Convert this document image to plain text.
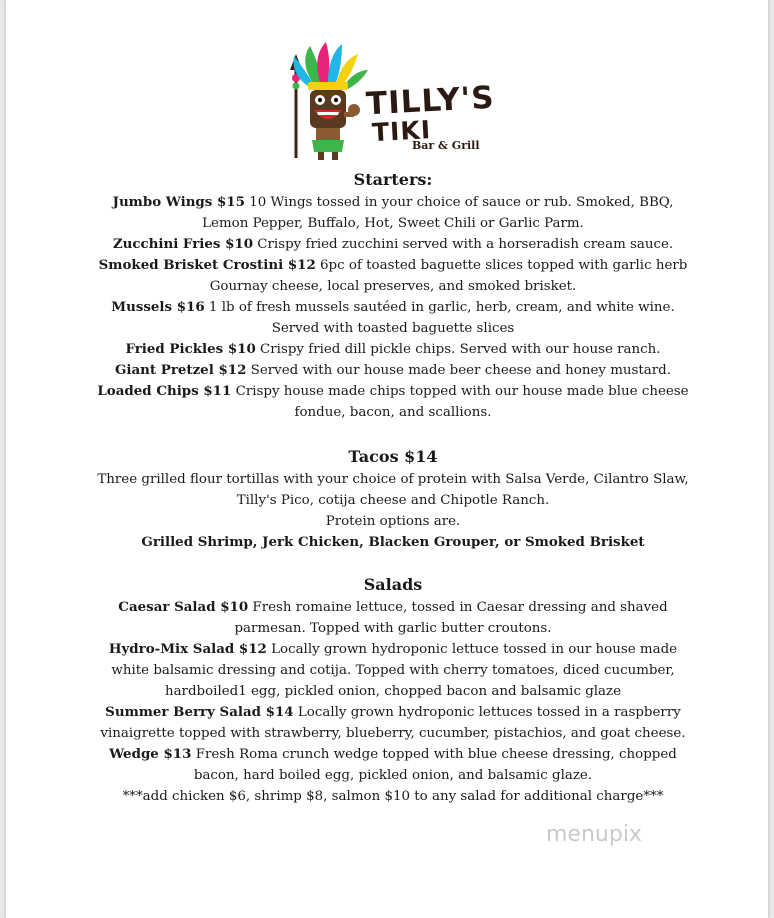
TILLY'S
TIKI
Bar & Grill
Starters:

Jumbo Wings $15 10 Wings tossed in your choice of sauce or rub. Smoked, BBQ, Lemon Pepper, Buffalo, Hot, Sweet Chili or Garlic Parm.

Zucchini Fries $10 Crispy fried zucchini served with a horseradish cream sauce.

Smoked Brisket Crostini $12 6pc of toasted baguette slices topped with garlic herb Gournay cheese, local preserves, and smoked brisket.

Mussels $16 1 lb of fresh mussels sautéed in garlic, herb, cream, and white wine. Served with toasted baguette slices

Fried Pickles $10 Crispy fried dill pickle chips. Served with our house ranch.

Giant Pretzel $12 Served with our house made beer cheese and honey mustard.

Loaded Chips $11 Crispy house made chips topped with our house made blue cheese fondue, bacon, and scallions.

Tacos $14

Three grilled flour tortillas with your choice of protein with Salsa Verde, Cilantro Slaw, Tilly's Pico, cotija cheese and Chipotle Ranch.

Protein options are.

Grilled Shrimp, Jerk Chicken, Blacken Grouper, or Smoked Brisket

Salads

Caesar Salad $10 Fresh romaine lettuce, tossed in Caesar dressing and shaved parmesan. Topped with garlic butter croutons.

Hydro-Mix Salad $12 Locally grown hydroponic lettuce tossed in our house made white balsamic dressing and cotija. Topped with cherry tomatoes, diced cucumber, hardboiled1 egg, pickled onion, chopped bacon and balsamic glaze

Summer Berry Salad $14 Locally grown hydroponic lettuces tossed in a raspberry vinaigrette topped with strawberry, blueberry, cucumber, pistachios, and goat cheese.

Wedge $13 Fresh Roma crunch wedge topped with blue cheese dressing, chopped bacon, hard boiled egg, pickled onion, and balsamic glaze.

***add chicken $6, shrimp $8, salmon $10 to any salad for additional charge***

menupix
